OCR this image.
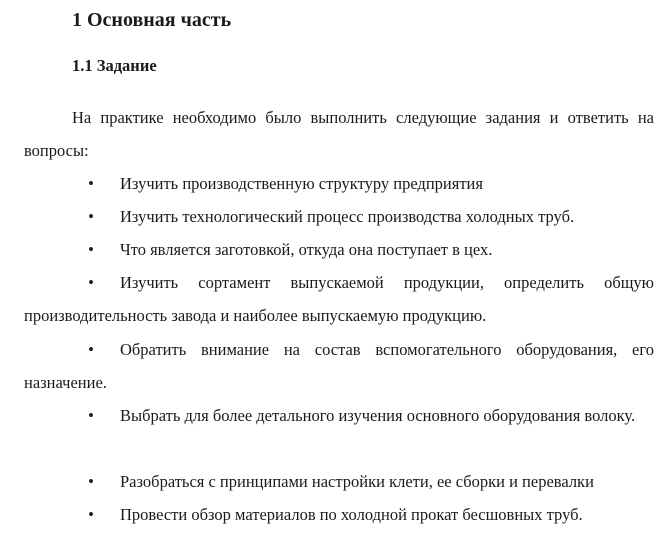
1 Основная часть
1.1 Задание

На практике необходимо было выполнить следующие задания и ответить на вопросы:

•	Изучить производственную структуру предприятия
•	Изучить технологический процесс производства холодных труб.
•	Что является заготовкой, откуда она поступает в цех.
•	Изучить сортамент выпускаемой продукции, определить общую производительность завода и наиболее выпускаемую продукцию.
•	Обратить внимание на состав вспомогательного оборудования, его назначение.
•	Выбрать для более детального изучения основного оборудования волоку.
•	Разобраться с принципами настройки клети, ее сборки и перевалки
•	Провести обзор материалов по холодной прокат бесшовных труб.
